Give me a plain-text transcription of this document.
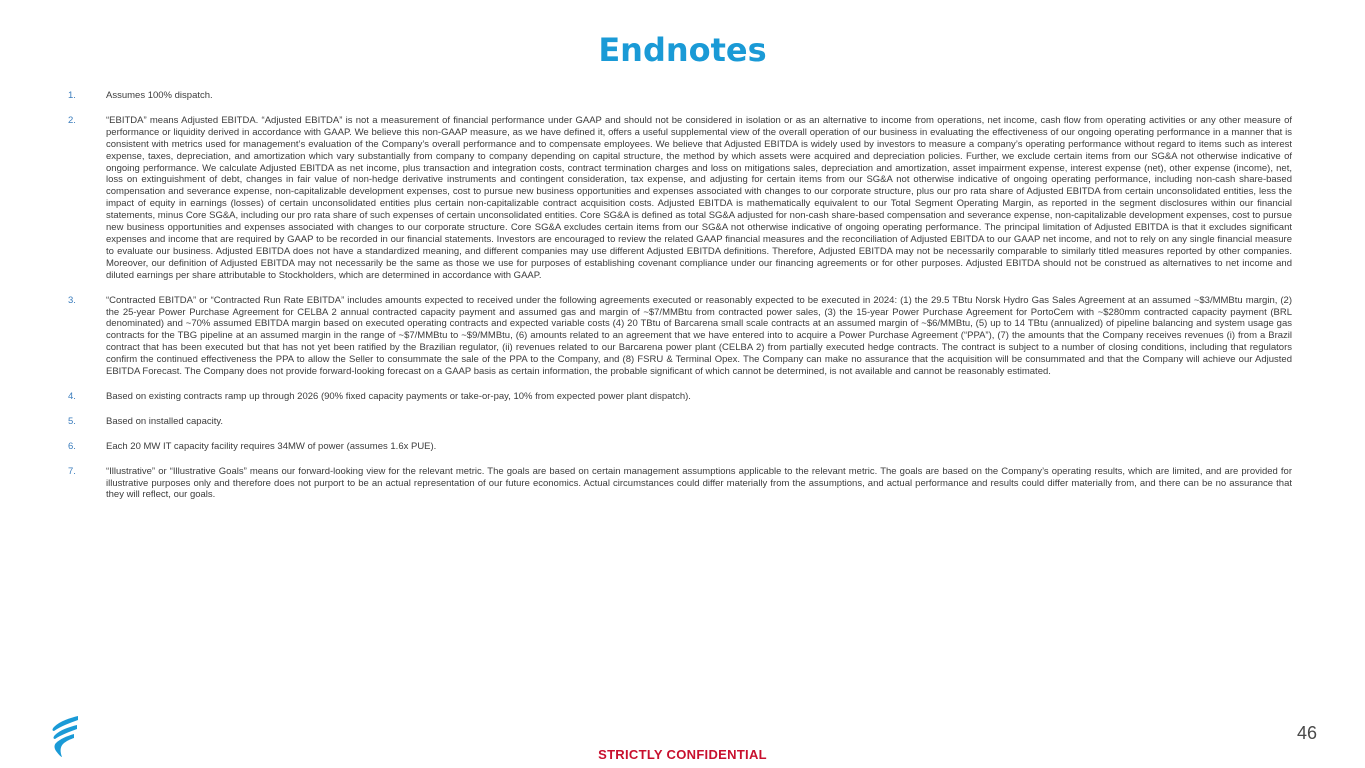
Endnotes
1.	Assumes 100% dispatch.
2.	“EBITDA” means Adjusted EBITDA. “Adjusted EBITDA” is not a measurement of financial performance under GAAP and should not be considered in isolation or as an alternative to income from operations, net income, cash flow from operating activities or any other measure of performance or liquidity derived in accordance with GAAP. We believe this non-GAAP measure, as we have defined it, offers a useful supplemental view of the overall operation of our business in evaluating the effectiveness of our ongoing operating performance in a manner that is consistent with metrics used for management’s evaluation of the Company’s overall performance and to compensate employees. We believe that Adjusted EBITDA is widely used by investors to measure a company’s operating performance without regard to items such as interest expense, taxes, depreciation, and amortization which vary substantially from company to company depending on capital structure, the method by which assets were acquired and depreciation policies. Further, we exclude certain items from our SG&A not otherwise indicative of ongoing performance. We calculate Adjusted EBITDA as net income, plus transaction and integration costs, contract termination charges and loss on mitigations sales, depreciation and amortization, asset impairment expense, interest expense (net), other expense (income), net, loss on extinguishment of debt, changes in fair value of non-hedge derivative instruments and contingent consideration, tax expense, and adjusting for certain items from our SG&A not otherwise indicative of ongoing operating performance, including non-cash share-based compensation and severance expense, non-capitalizable development expenses, cost to pursue new business opportunities and expenses associated with changes to our corporate structure, plus our pro rata share of Adjusted EBITDA from certain unconsolidated entities, less the impact of equity in earnings (losses) of certain unconsolidated entities plus certain non-capitalizable contract acquisition costs. Adjusted EBITDA is mathematically equivalent to our Total Segment Operating Margin, as reported in the segment disclosures within our financial statements, minus Core SG&A, including our pro rata share of such expenses of certain unconsolidated entities. Core SG&A is defined as total SG&A adjusted for non-cash share-based compensation and severance expense, non-capitalizable development expenses, cost to pursue new business opportunities and expenses associated with changes to our corporate structure. Core SG&A excludes certain items from our SG&A not otherwise indicative of ongoing operating performance. The principal limitation of Adjusted EBITDA is that it excludes significant expenses and income that are required by GAAP to be recorded in our financial statements. Investors are encouraged to review the related GAAP financial measures and the reconciliation of Adjusted EBITDA to our GAAP net income, and not to rely on any single financial measure to evaluate our business. Adjusted EBITDA does not have a standardized meaning, and different companies may use different Adjusted EBITDA definitions. Therefore, Adjusted EBITDA may not be necessarily comparable to similarly titled measures reported by other companies. Moreover, our definition of Adjusted EBITDA may not necessarily be the same as those we use for purposes of establishing covenant compliance under our financing agreements or for other purposes. Adjusted EBITDA should not be construed as alternatives to net income and diluted earnings per share attributable to Stockholders, which are determined in accordance with GAAP.
3.	“Contracted EBITDA” or “Contracted Run Rate EBITDA” includes amounts expected to received under the following agreements executed or reasonably expected to be executed in 2024: (1) the 29.5 TBtu Norsk Hydro Gas Sales Agreement at an assumed ~$3/MMBtu margin, (2) the 25-year Power Purchase Agreement for CELBA 2 annual contracted capacity payment and assumed gas and margin of ~$7/MMBtu from contracted power sales, (3) the 15-year Power Purchase Agreement for PortoCem with ~$280mm contracted capacity payment (BRL denominated) and ~70% assumed EBITDA margin based on executed operating contracts and expected variable costs (4) 20 TBtu of Barcarena small scale contracts at an assumed margin of ~$6/MMBtu, (5) up to 14 TBtu (annualized) of pipeline balancing and system usage gas contracts for the TBG pipeline at an assumed margin in the range of ~$7/MMBtu to ~$9/MMBtu, (6) amounts related to an agreement that we have entered into to acquire a Power Purchase Agreement (“PPA”), (7) the amounts that the Company receives revenues (i) from a Brazil contract that has been executed but that has not yet been ratified by the Brazilian regulator, (ii) revenues related to our Barcarena power plant (CELBA 2) from partially executed hedge contracts. The contract is subject to a number of closing conditions, including that regulators confirm the continued effectiveness the PPA to allow the Seller to consummate the sale of the PPA to the Company, and (8) FSRU & Terminal Opex. The Company can make no assurance that the acquisition will be consummated and that the Company will achieve our Adjusted EBITDA Forecast. The Company does not provide forward-looking forecast on a GAAP basis as certain information, the probable significant of which cannot be determined, is not available and cannot be reasonably estimated.
4.	Based on existing contracts ramp up through 2026 (90% fixed capacity payments or take-or-pay, 10% from expected power plant dispatch).
5.	Based on installed capacity.
6.	Each 20 MW IT capacity facility requires 34MW of power (assumes 1.6x PUE).
7.	“Illustrative” or “Illustrative Goals” means our forward-looking view for the relevant metric. The goals are based on certain management assumptions applicable to the relevant metric. The goals are based on the Company’s operating results, which are limited, and are provided for illustrative purposes only and therefore does not purport to be an actual representation of our future economics. Actual circumstances could differ materially from the assumptions, and actual performance and results could differ materially from, and there can be no assurance that they will reflect, our goals.
46
STRICTLY CONFIDENTIAL
